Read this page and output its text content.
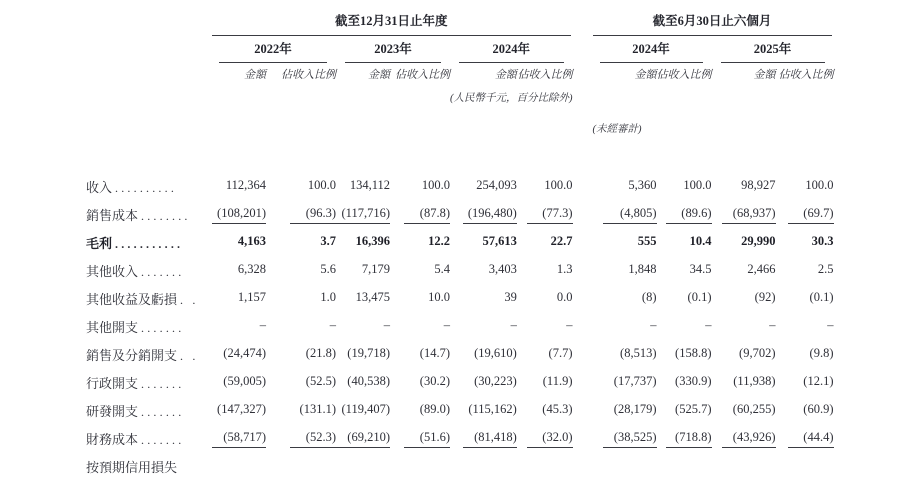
	截至12月31日止年度							截至6月30日止六個月			

	2022年		2023年		2024年			2024年		2025年	

	金額	佔收入比例	金額	佔收入比例	金額	佔收入比例		金額	佔收入比例	金額	佔收入比例
					(人民幣千元，百分比除外)						
								(未經審計)			

收入 ..........	112,364	100.0	134,112	100.0	254,093	100.0		5,360	100.0	98,927	100.0
銷售成本 ........	(108,201)	(96.3)	(117,716)	(87.8)	(196,480)	(77.3)		(4,805)	(89.6)	(68,937)	(69.7)
毛利 ...........	4,163	3.7	16,396	12.2	57,613	22.7		555	10.4	29,990	30.3
其他收入 .......	6,328	5.6	7,179	5.4	3,403	1.3		1,848	34.5	2,466	2.5
其他收益及虧損 . .	1,157	1.0	13,475	10.0	39	0.0		(8)	(0.1)	(92)	(0.1)
其他開支 .......	–	–	–	–	–	–		–	–	–	–
銷售及分銷開支 . .	(24,474)	(21.8)	(19,718)	(14.7)	(19,610)	(7.7)		(8,513)	(158.8)	(9,702)	(9.8)
行政開支 .......	(59,005)	(52.5)	(40,538)	(30.2)	(30,223)	(11.9)		(17,737)	(330.9)	(11,938)	(12.1)
研發開支 .......	(147,327)	(131.1)	(119,407)	(89.0)	(115,162)	(45.3)		(28,179)	(525.7)	(60,255)	(60.9)
財務成本 .......	(58,717)	(52.3)	(69,210)	(51.6)	(81,418)	(32.0)		(38,525)	(718.8)	(43,926)	(44.4)
按預期信用損失											
